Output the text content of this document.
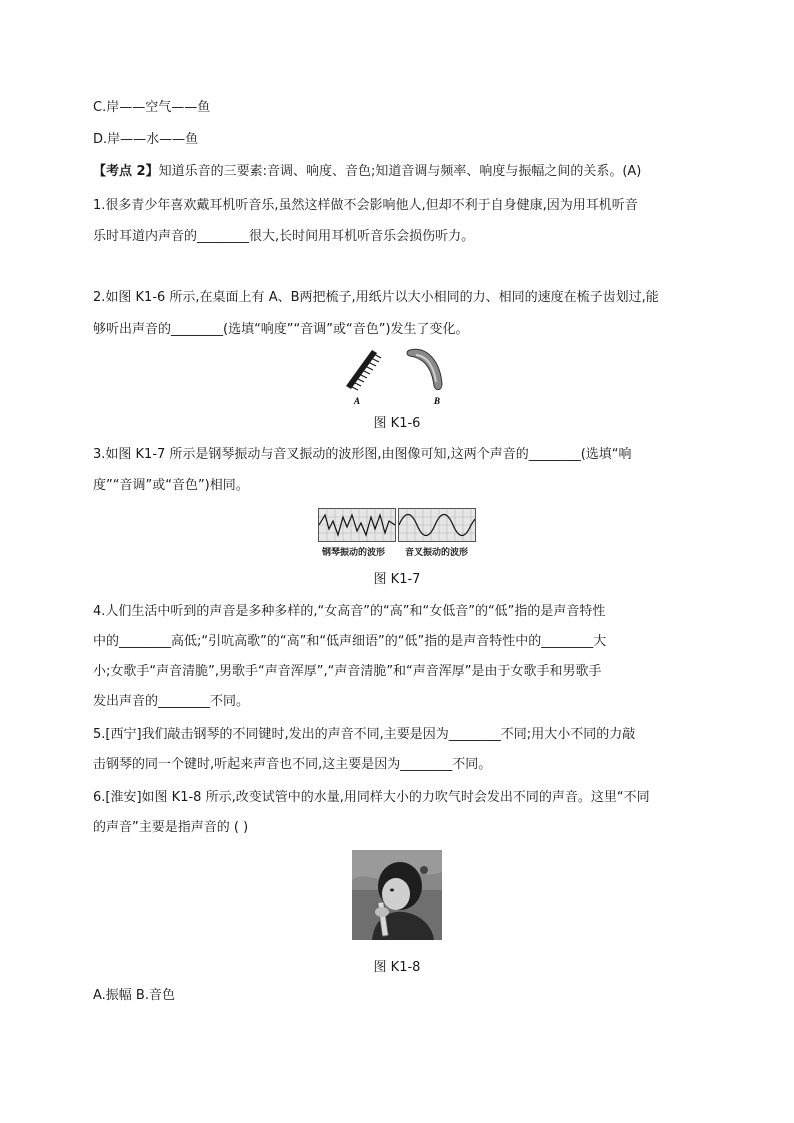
C.岸——空气——鱼
D.岸——水——鱼
【考点 2】知道乐音的三要素:音调、响度、音色;知道音调与频率、响度与振幅之间的关系。(A)
1.很多青少年喜欢戴耳机听音乐,虽然这样做不会影响他人,但却不利于自身健康,因为用耳机听音
乐时耳道内声音的________很大,长时间用耳机听音乐会损伤听力。
2.如图 K1-6 所示,在桌面上有 A、B两把梳子,用纸片以大小相同的力、相同的速度在梳子齿划过,能
够听出声音的________(选填“响度”“音调”或“音色”)发生了变化。
A	B
图 K1-6
3.如图 K1-7 所示是钢琴振动与音叉振动的波形图,由图像可知,这两个声音的________(选填“响
度”“音调”或“音色”)相同。
钢琴振动的波形 音叉振动的波形
图 K1-7
4.人们生活中听到的声音是多种多样的,“女高音”的“高”和“女低音”的“低”指的是声音特性
中的________高低;“引吭高歌”的“高”和“低声细语”的“低”指的是声音特性中的________大
小;女歌手“声音清脆”,男歌手“声音浑厚”,“声音清脆”和“声音浑厚”是由于女歌手和男歌手
发出声音的________不同。
5.[西宁]我们敲击钢琴的不同键时,发出的声音不同,主要是因为________不同;用大小不同的力敲
击钢琴的同一个键时,听起来声音也不同,这主要是因为________不同。
6.[淮安]如图 K1-8 所示,改变试管中的水量,用同样大小的力吹气时会发出不同的声音。这里“不同
的声音”主要是指声音的 ( )
图 K1-8
A.振幅 B.音色
